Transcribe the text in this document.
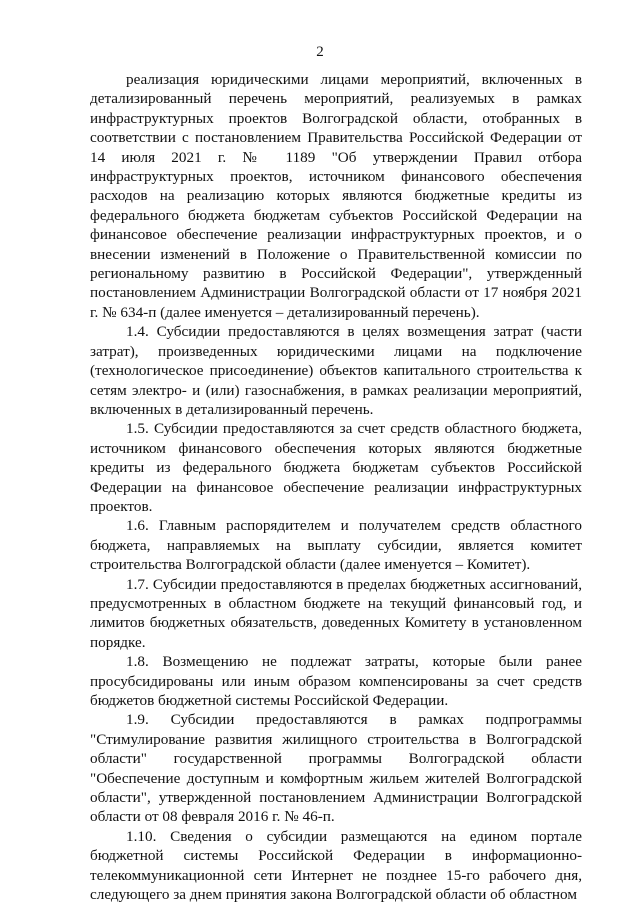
2

реализация юридическими лицами мероприятий, включенных в детализированный перечень мероприятий, реализуемых в рамках инфраструктурных проектов Волгоградской области, отобранных в соответствии с постановлением Правительства Российской Федерации от 14 июля 2021 г. № 1189 "Об утверждении Правил отбора инфраструктурных проектов, источником финансового обеспечения расходов на реализацию которых являются бюджетные кредиты из федерального бюджета бюджетам субъектов Российской Федерации на финансовое обеспечение реализации инфраструктурных проектов, и о внесении изменений в Положение о Правительственной комиссии по региональному развитию в Российской Федерации", утвержденный постановлением Администрации Волгоградской области от 17 ноября 2021 г. № 634-п (далее именуется – детализированный перечень).

1.4. Субсидии предоставляются в целях возмещения затрат (части затрат), произведенных юридическими лицами на подключение (технологическое присоединение) объектов капитального строительства к сетям электро- и (или) газоснабжения, в рамках реализации мероприятий, включенных в детализированный перечень.

1.5. Субсидии предоставляются за счет средств областного бюджета, источником финансового обеспечения которых являются бюджетные кредиты из федерального бюджета бюджетам субъектов Российской Федерации на финансовое обеспечение реализации инфраструктурных проектов.

1.6. Главным распорядителем и получателем средств областного бюджета, направляемых на выплату субсидии, является комитет строительства Волгоградской области (далее именуется – Комитет).

1.7. Субсидии предоставляются в пределах бюджетных ассигнований, предусмотренных в областном бюджете на текущий финансовый год, и лимитов бюджетных обязательств, доведенных Комитету в установленном порядке.

1.8. Возмещению не подлежат затраты, которые были ранее просубсидированы или иным образом компенсированы за счет средств бюджетов бюджетной системы Российской Федерации.

1.9. Субсидии предоставляются в рамках подпрограммы "Стимулирование развития жилищного строительства в Волгоградской области" государственной программы Волгоградской области "Обеспечение доступным и комфортным жильем жителей Волгоградской области", утвержденной постановлением Администрации Волгоградской области от 08 февраля 2016 г. № 46-п.

1.10. Сведения о субсидии размещаются на едином портале бюджетной системы Российской Федерации в информационно-телекоммуникационной сети Интернет не позднее 15-го рабочего дня, следующего за днем принятия закона Волгоградской области об областном
